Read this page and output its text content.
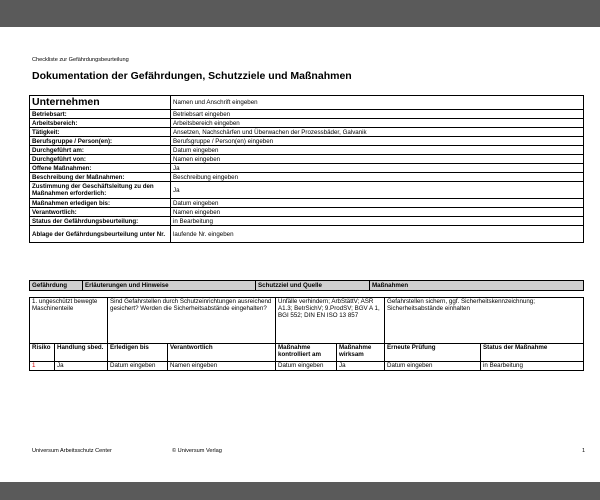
Checkliste zur Gefährdungsbeurteilung
Dokumentation der Gefährdungen, Schutzziele und Maßnahmen
Unternehmen	Namen und Anschrift eingeben
Betriebsart:	Betriebsart eingeben
Arbeitsbereich:	Arbeitsbereich eingeben
Tätigkeit:	Ansetzen, Nachschärfen und Überwachen der Prozessbäder, Galvanik
Berufsgruppe / Person(en):	Berufsgruppe / Person(en) eingeben
Durchgeführt am:	Datum eingeben
Durchgeführt von:	Namen eingeben
Offene Maßnahmen:	Ja
Beschreibung der Maßnahmen:	Beschreibung eingeben
Zustimmung der Geschäftsleitung zu den Maßnahmen erforderlich:	Ja
Maßnahmen erledigen bis:	Datum eingeben
Verantwortlich:	Namen eingeben
Status der Gefährdungsbeurteilung:	in Bearbeitung
Ablage der Gefährdungsbeurteilung unter Nr.	laufende Nr. eingeben
Gefährdung	Erläuterungen und Hinweise	Schutzziel und Quelle	Maßnahmen
1. ungeschützt bewegte Maschinenteile		Sind Gefahrstellen durch Schutzeinrichtungen ausreichend gesichert? Werden die Sicherheitsabstände eingehalten?		Unfälle verhindern; ArbStättV; ASR A1.3; BetrSichV; 9.ProdSV; BGV A 1, BGI 552; DIN EN ISO 13 857		Gefahrstellen sichern, ggf. Sicherheitskennzeichnung; Sicherheitsabstände einhalten	
Risiko	Handlung sbed.	Erledigen bis	Verantwortlich	Maßnahme kontrolliert am	Maßnahme wirksam	Erneute Prüfung	Status der Maßnahme
1	Ja	Datum eingeben	Namen eingeben	Datum eingeben	Ja	Datum eingeben	in Bearbeitung
Universum Arbeitsschutz Center	© Universum Verlag	1
